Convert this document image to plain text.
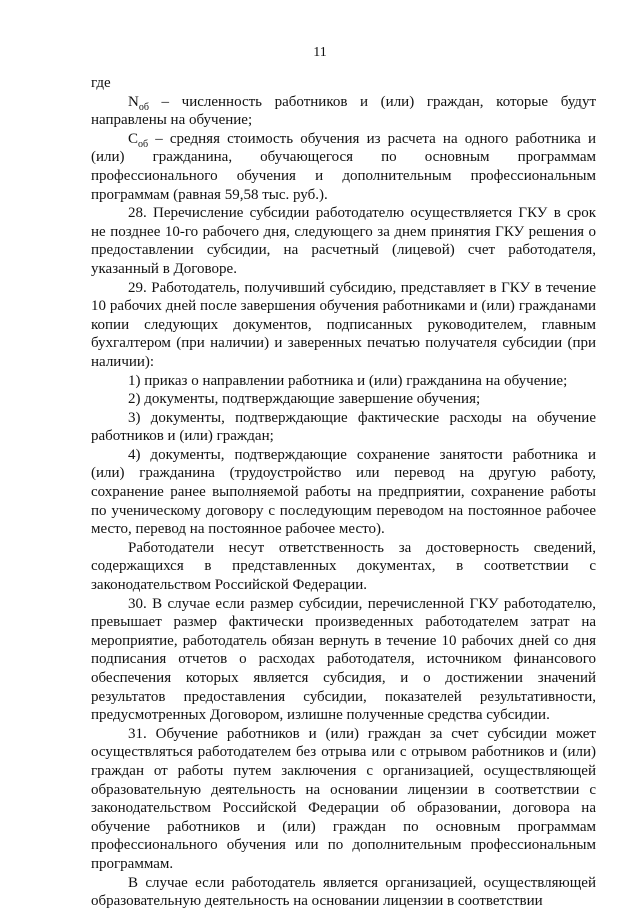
11

где

$N_{об}$ – численность работников и (или) граждан, которые будут направлены на обучение;

$C_{об}$ – средняя стоимость обучения из расчета на одного работника и (или) гражданина, обучающегося по основным программам профессионального обучения и дополнительным профессиональным программам (равная 59,58 тыс. руб.).

28. Перечисление субсидии работодателю осуществляется ГКУ в срок не позднее 10-го рабочего дня, следующего за днем принятия ГКУ решения о предоставлении субсидии, на расчетный (лицевой) счет работодателя, указанный в Договоре.

29. Работодатель, получивший субсидию, представляет в ГКУ в течение 10 рабочих дней после завершения обучения работниками и (или) гражданами копии следующих документов, подписанных руководителем, главным бухгалтером (при наличии) и заверенных печатью получателя субсидии (при наличии):

1) приказ о направлении работника и (или) гражданина на обучение;

2) документы, подтверждающие завершение обучения;

3) документы, подтверждающие фактические расходы на обучение работников и (или) граждан;

4) документы, подтверждающие сохранение занятости работника и (или) гражданина (трудоустройство или перевод на другую работу, сохранение ранее выполняемой работы на предприятии, сохранение работы по ученическому договору с последующим переводом на постоянное рабочее место, перевод на постоянное рабочее место).

Работодатели несут ответственность за достоверность сведений, содержащихся в представленных документах, в соответствии с законодательством Российской Федерации.

30. В случае если размер субсидии, перечисленной ГКУ работодателю, превышает размер фактически произведенных работодателем затрат на мероприятие, работодатель обязан вернуть в течение 10 рабочих дней со дня подписания отчетов о расходах работодателя, источником финансового обеспечения которых является субсидия, и о достижении значений результатов предоставления субсидии, показателей результативности, предусмотренных Договором, излишне полученные средства субсидии.

31. Обучение работников и (или) граждан за счет субсидии может осуществляться работодателем без отрыва или с отрывом работников и (или) граждан от работы путем заключения с организацией, осуществляющей образовательную деятельность на основании лицензии в соответствии с законодательством Российской Федерации об образовании, договора на обучение работников и (или) граждан по основным программам профессионального обучения или по дополнительным профессиональным программам.

В случае если работодатель является организацией, осуществляющей образовательную деятельность на основании лицензии в соответствии
